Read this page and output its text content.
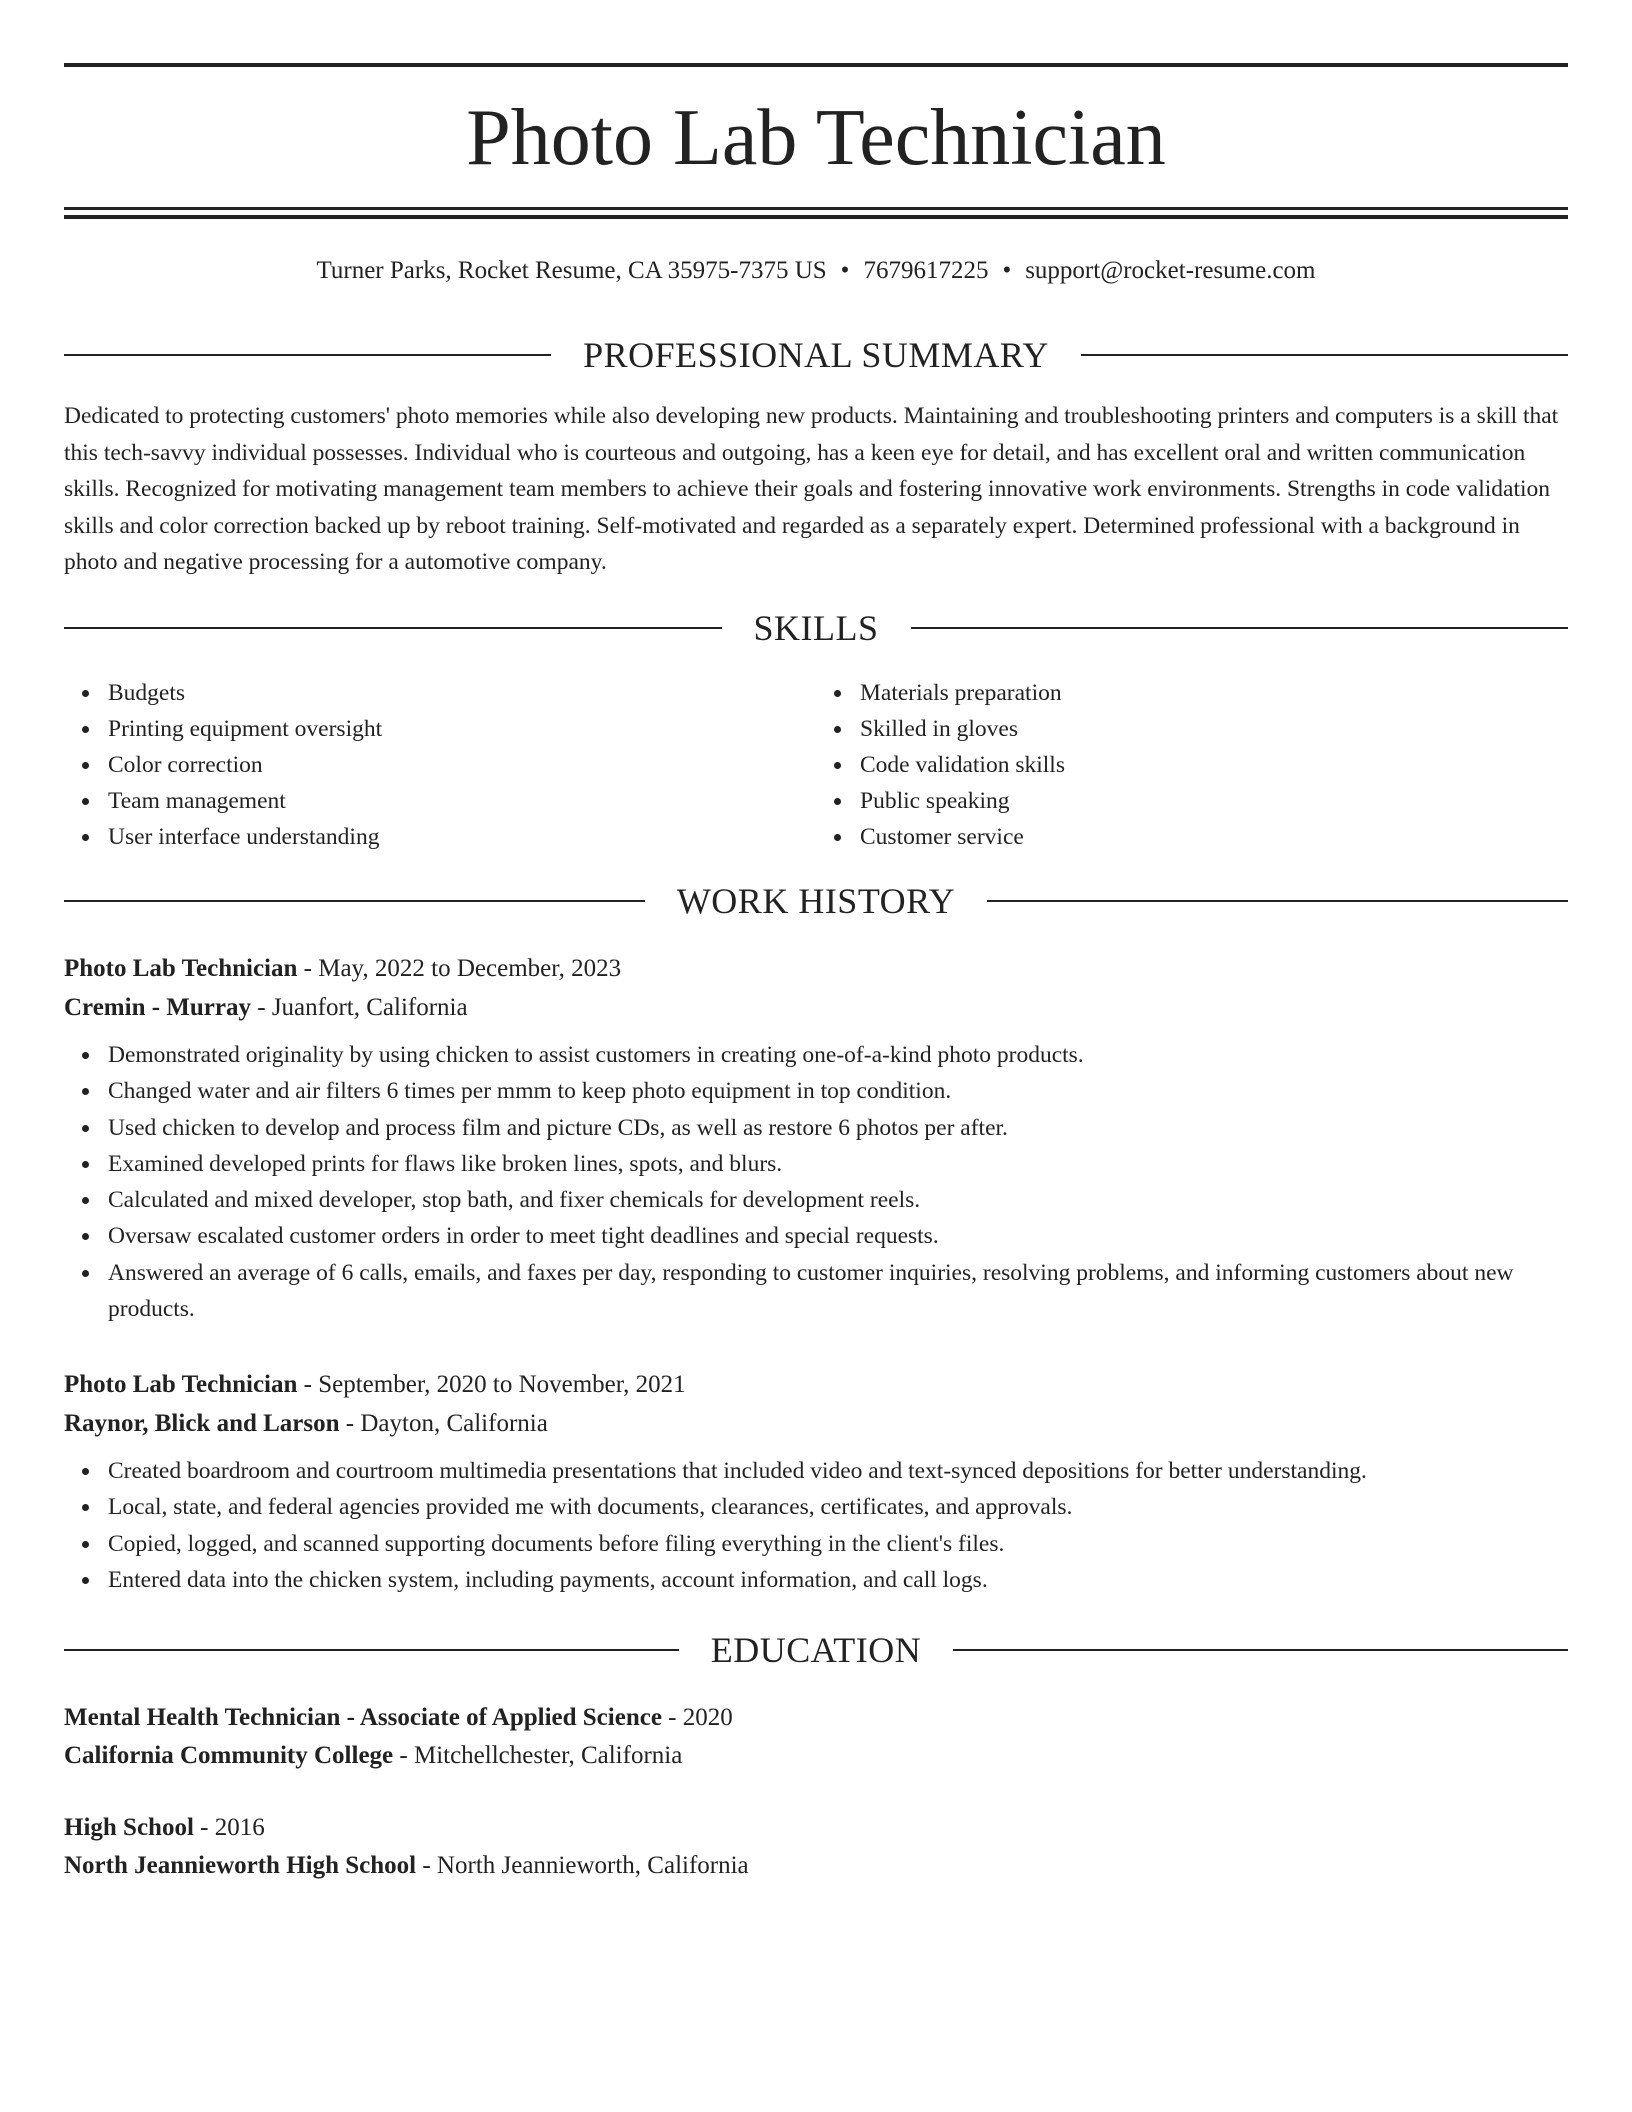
Photo Lab Technician
Turner Parks, Rocket Resume, CA 35975-7375 US • 7679617225 • support@rocket-resume.com
PROFESSIONAL SUMMARY
Dedicated to protecting customers' photo memories while also developing new products. Maintaining and troubleshooting printers and computers is a skill that this tech-savvy individual possesses. Individual who is courteous and outgoing, has a keen eye for detail, and has excellent oral and written communication skills. Recognized for motivating management team members to achieve their goals and fostering innovative work environments. Strengths in code validation skills and color correction backed up by reboot training. Self-motivated and regarded as a separately expert. Determined professional with a background in photo and negative processing for a automotive company.
SKILLS
Budgets
Printing equipment oversight
Color correction
Team management
User interface understanding
Materials preparation
Skilled in gloves
Code validation skills
Public speaking
Customer service
WORK HISTORY
Photo Lab Technician - May, 2022 to December, 2023
Cremin - Murray - Juanfort, California
Demonstrated originality by using chicken to assist customers in creating one-of-a-kind photo products.
Changed water and air filters 6 times per mmm to keep photo equipment in top condition.
Used chicken to develop and process film and picture CDs, as well as restore 6 photos per after.
Examined developed prints for flaws like broken lines, spots, and blurs.
Calculated and mixed developer, stop bath, and fixer chemicals for development reels.
Oversaw escalated customer orders in order to meet tight deadlines and special requests.
Answered an average of 6 calls, emails, and faxes per day, responding to customer inquiries, resolving problems, and informing customers about new products.
Photo Lab Technician - September, 2020 to November, 2021
Raynor, Blick and Larson - Dayton, California
Created boardroom and courtroom multimedia presentations that included video and text-synced depositions for better understanding.
Local, state, and federal agencies provided me with documents, clearances, certificates, and approvals.
Copied, logged, and scanned supporting documents before filing everything in the client's files.
Entered data into the chicken system, including payments, account information, and call logs.
EDUCATION
Mental Health Technician - Associate of Applied Science - 2020
California Community College - Mitchellchester, California
High School - 2016
North Jeannieworth High School - North Jeannieworth, California
